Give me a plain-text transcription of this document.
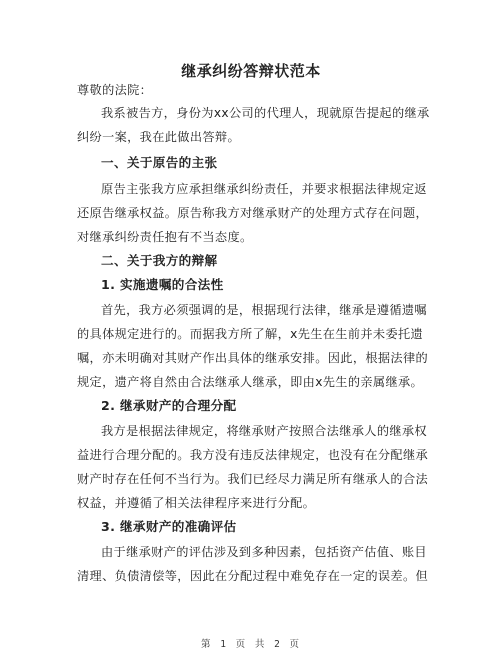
继承纠纷答辩状范本
尊敬的法院：
我系被告方，身份为xx公司的代理人，现就原告提起的继承
纠纷一案，我在此做出答辩。
一、关于原告的主张
原告主张我方应承担继承纠纷责任，并要求根据法律规定返
还原告继承权益。原告称我方对继承财产的处理方式存在问题，
对继承纠纷责任抱有不当态度。
二、关于我方的辩解
1. 实施遗嘱的合法性
首先，我方必须强调的是，根据现行法律，继承是遵循遗嘱
的具体规定进行的。而据我方所了解，x先生在生前并未委托遗
嘱，亦未明确对其财产作出具体的继承安排。因此，根据法律的
规定，遗产将自然由合法继承人继承，即由x先生的亲属继承。
2. 继承财产的合理分配
我方是根据法律规定，将继承财产按照合法继承人的继承权
益进行合理分配的。我方没有违反法律规定，也没有在分配继承
财产时存在任何不当行为。我们已经尽力满足所有继承人的合法
权益，并遵循了相关法律程序来进行分配。
3. 继承财产的准确评估
由于继承财产的评估涉及到多种因素，包括资产估值、账目
清理、负债清偿等，因此在分配过程中难免存在一定的误差。但
第 1 页 共 2 页
